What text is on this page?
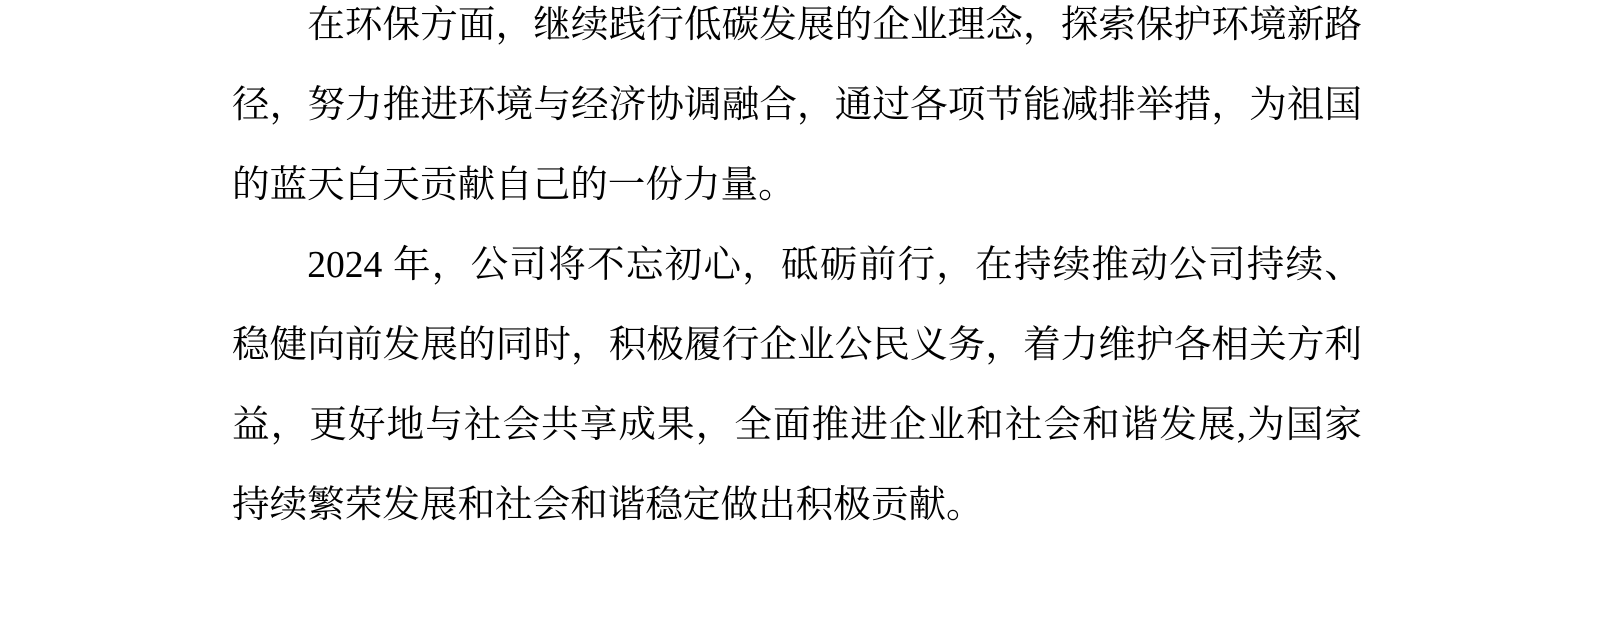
在环保方面，继续践行低碳发展的企业理念，探索保护环境新路径，努力推进环境与经济协调融合，通过各项节能减排举措，为祖国的蓝天白天贡献自己的一份力量。

2024 年，公司将不忘初心，砥砺前行，在持续推动公司持续、稳健向前发展的同时，积极履行企业公民义务，着力维护各相关方利益，更好地与社会共享成果，全面推进企业和社会和谐发展,为国家持续繁荣发展和社会和谐稳定做出积极贡献。
